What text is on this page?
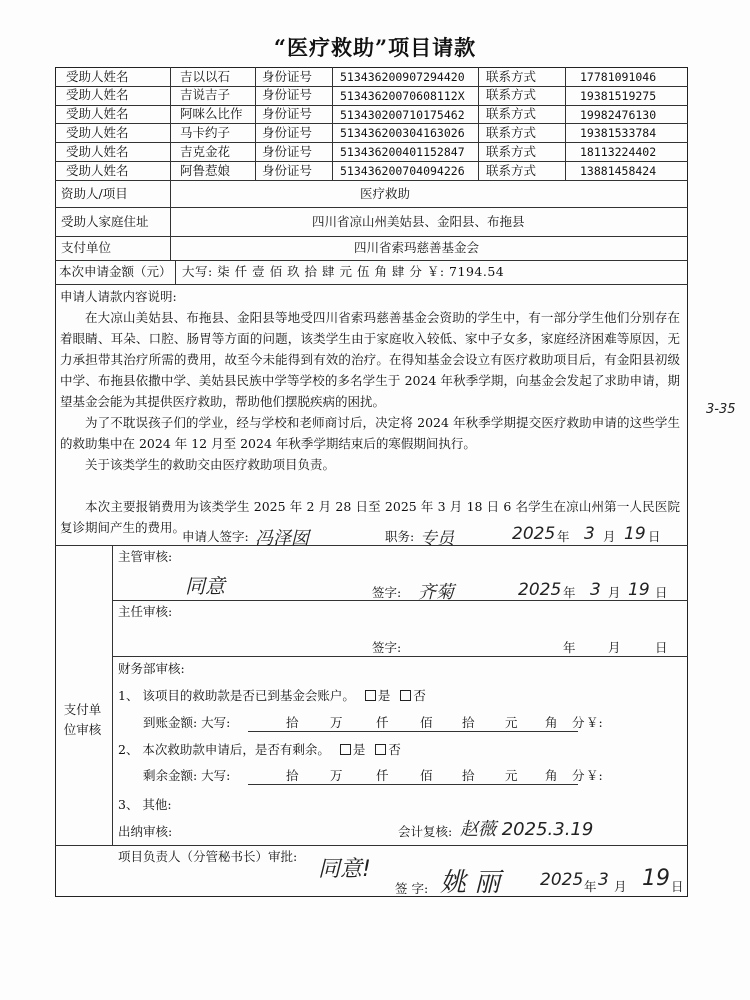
“医疗救助”项目请款
受助人姓名	吉以以石	身份证号 513436200907294420 联系方式	17781091046
受助人姓名	吉说吉子	身份证号 51343620070608112X 联系方式	19381519275
受助人姓名	阿咪么比作 身份证号 513430200710175462 联系方式	19982476130
受助人姓名	马卡约子	身份证号 513436200304163026 联系方式	19381533784
受助人姓名	吉克金花	身份证号 513436200401152847 联系方式	18113224402
受助人姓名	阿鲁惹娘	身份证号 513436200704094226 联系方式	13881458424
资助人/项目	医疗救助
受助人家庭住址	四川省凉山州美姑县、金阳县、布拖县
支付单位	四川省索玛慈善基金会
本次申请金额（元） 大写: 柒 仟 壹 佰 玖 拾 肆 元 伍 角 肆 分 ￥: 7194.54
申请人请款内容说明:

在大凉山美姑县、布拖县、金阳县等地受四川省索玛慈善基金会资助的学生中，有一部分学生他们分别存在着眼睛、耳朵、口腔、肠胃等方面的问题，该类学生由于家庭收入较低、家中子女多，家庭经济困难等原因，无力承担带其治疗所需的费用，故至今未能得到有效的治疗。在得知基金会设立有医疗救助项目后，有金阳县初级中学、布拖县依撒中学、美姑县民族中学等学校的多名学生于 2024 年秋季学期，向基金会发起了求助申请，期望基金会能为其提供医疗救助，帮助他们摆脱疾病的困扰。

为了不耽误孩子们的学业，经与学校和老师商讨后，决定将 2024 年秋季学期提交医疗救助申请的这些学生的救助集中在 2024 年 12 月至 2024 年秋季学期结束后的寒假期间执行。

关于该类学生的救助交由医疗救助项目负责。

本次主要报销费用为该类学生 2025 年 2 月 28 日至 2025 年 3 月 18 日 6 名学生在凉山州第一人民医院复诊期间产生的费用。

3-35
申请人签字: 冯泽囡	职务: 专员	2025 年 3 月 19 日
支付单位审核
主管审核:
同意	签字: 齐菊	2025 年 3 月 19 日
主任审核:
签字:	年	月	日
财务部审核:
1、 该项目的救助款是否已到基金会账户。 是 否
到账金额: 大写:	拾	万	仟	佰 拾 元 角 分 ￥:
2、 本次救助款申请后，是否有剩余。 是 否
剩余金额: 大写:	拾	万	仟	佰 拾 元 角 分 ￥:
3、 其他:
出纳审核:	会计复核: 赵薇 2025.3.19
项目负责人（分管秘书长）审批:
同意!
签 字: 姚 丽 2025 年 3 月 19 日
